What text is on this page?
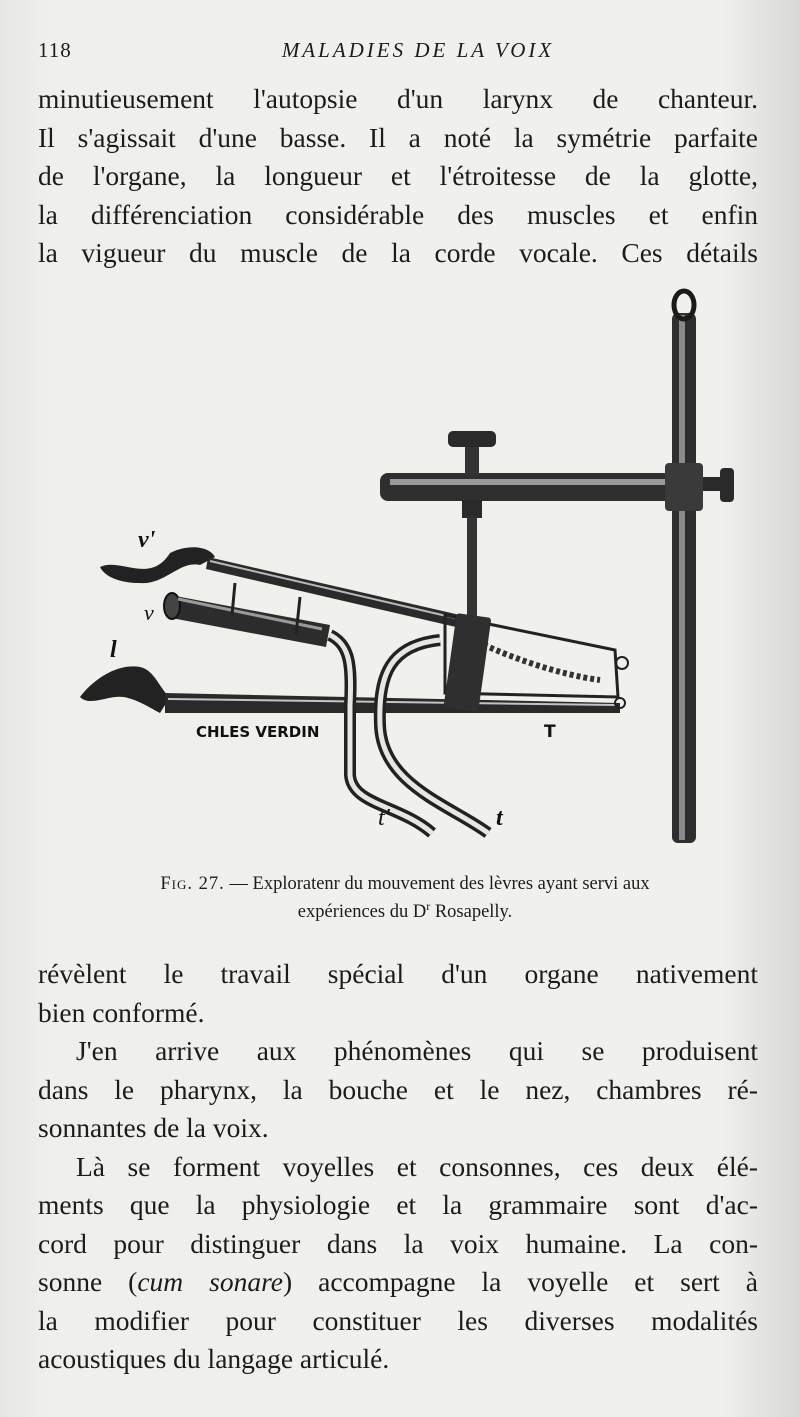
118	MALADIES DE LA VOIX
minutieusement l'autopsie d'un larynx de chanteur.
Il s'agissait d'une basse. Il a noté la symétrie parfaite
de l'organe, la longueur et l'étroitesse de la glotte,
la différenciation considérable des muscles et enfin
la vigueur du muscle de la corde vocale. Ces détails
v'
v
l
t'	t
T
CHLES VERDIN
Fig. 27. — Exploratenr du mouvement des lèvres ayant servi aux
expériences du $D^r$ Rosapelly.
révèlent le travail spécial d'un organe nativement
bien conformé.
J'en arrive aux phénomènes qui se produisent
dans le pharynx, la bouche et le nez, chambres ré-
sonnantes de la voix.
Là se forment voyelles et consonnes, ces deux élé-
ments que la physiologie et la grammaire sont d'ac-
cord pour distinguer dans la voix humaine. La con-
sonne (cum sonare) accompagne la voyelle et sert à
la modifier pour constituer les diverses modalités
acoustiques du langage articulé.
